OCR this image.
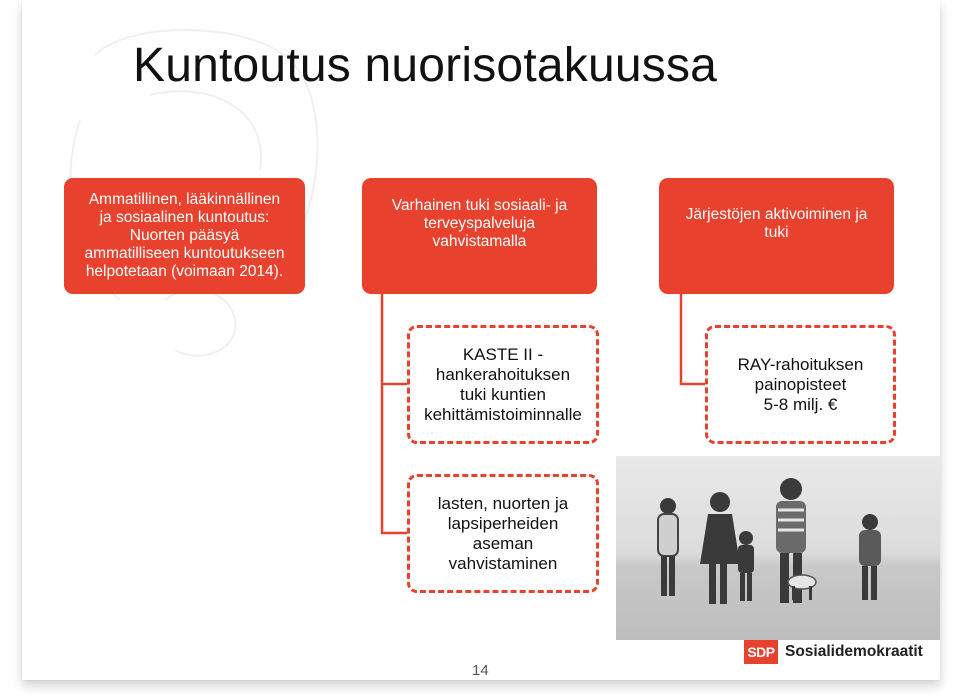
Kuntoutus nuorisotakuussa
Ammatillinen, lääkinnällinen
ja sosiaalinen kuntoutus:
Nuorten pääsyä
ammatilliseen kuntoutukseen
helpotetaan (voimaan 2014).
Varhainen tuki sosiaali- ja
terveyspalveluja
vahvistamalla
Järjestöjen aktivoiminen ja
tuki
KASTE II -
hankerahoituksen
tuki kuntien
kehittämistoiminnalle
RAY-rahoituksen
painopisteet
5-8 milj. €
lasten, nuorten ja
lapsiperheiden
aseman
vahvistaminen
14
SDP Sosialidemokraatit
